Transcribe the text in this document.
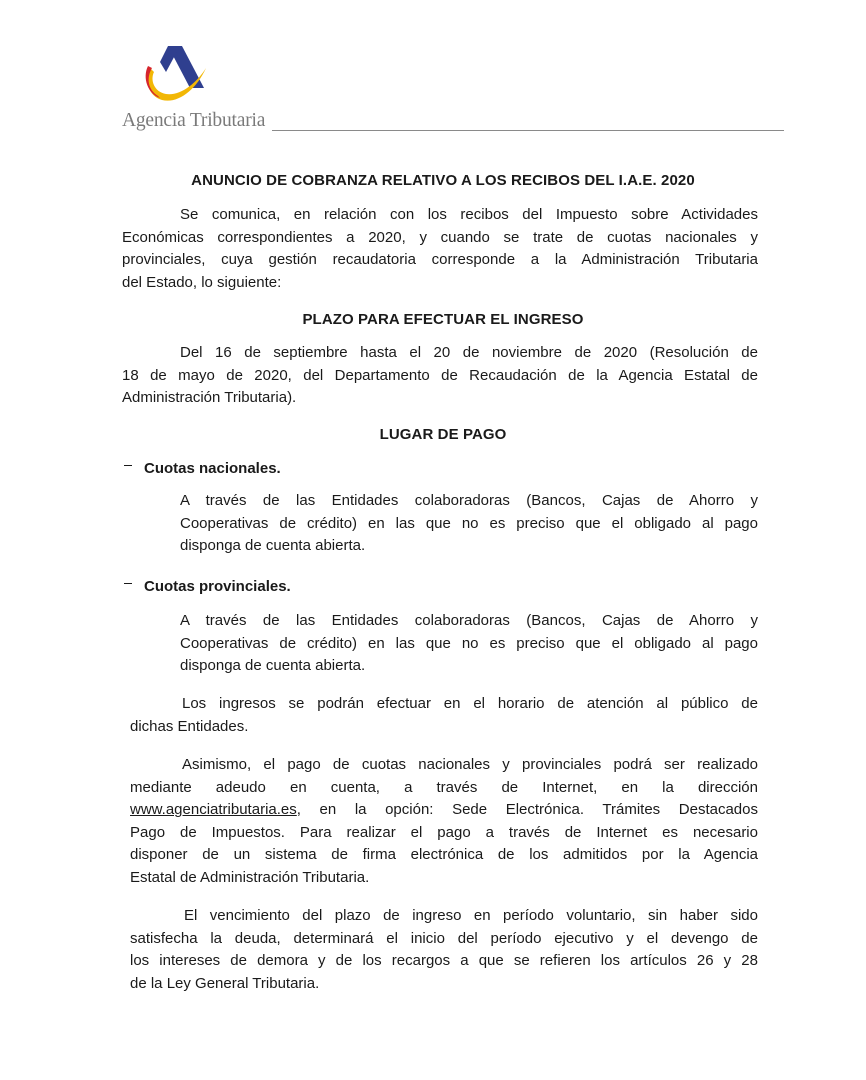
Agencia Tributaria
ANUNCIO DE COBRANZA RELATIVO A LOS RECIBOS DEL I.A.E. 2020
Se comunica, en relación con los recibos del Impuesto sobre Actividades
Económicas correspondientes a 2020, y cuando se trate de cuotas nacionales y
provinciales, cuya gestión recaudatoria corresponde a la Administración Tributaria
del Estado, lo siguiente:
PLAZO PARA EFECTUAR EL INGRESO
Del 16 de septiembre hasta el 20 de noviembre de 2020 (Resolución de
18 de mayo de 2020, del Departamento de Recaudación de la Agencia Estatal de
Administración Tributaria).
LUGAR DE PAGO
Cuotas nacionales.
A través de las Entidades colaboradoras (Bancos, Cajas de Ahorro y
Cooperativas de crédito) en las que no es preciso que el obligado al pago
disponga de cuenta abierta.
Cuotas provinciales.
A través de las Entidades colaboradoras (Bancos, Cajas de Ahorro y
Cooperativas de crédito) en las que no es preciso que el obligado al pago
disponga de cuenta abierta.
Los ingresos se podrán efectuar en el horario de atención al público de
dichas Entidades.
Asimismo, el pago de cuotas nacionales y provinciales podrá ser realizado
mediante adeudo en cuenta, a través de Internet, en la dirección
www.agenciatributaria.es, en la opción: Sede Electrónica. Trámites Destacados
Pago de Impuestos. Para realizar el pago a través de Internet es necesario
disponer de un sistema de firma electrónica de los admitidos por la Agencia
Estatal de Administración Tributaria.
El vencimiento del plazo de ingreso en período voluntario, sin haber sido
satisfecha la deuda, determinará el inicio del período ejecutivo y el devengo de
los intereses de demora y de los recargos a que se refieren los artículos 26 y 28
de la Ley General Tributaria.
